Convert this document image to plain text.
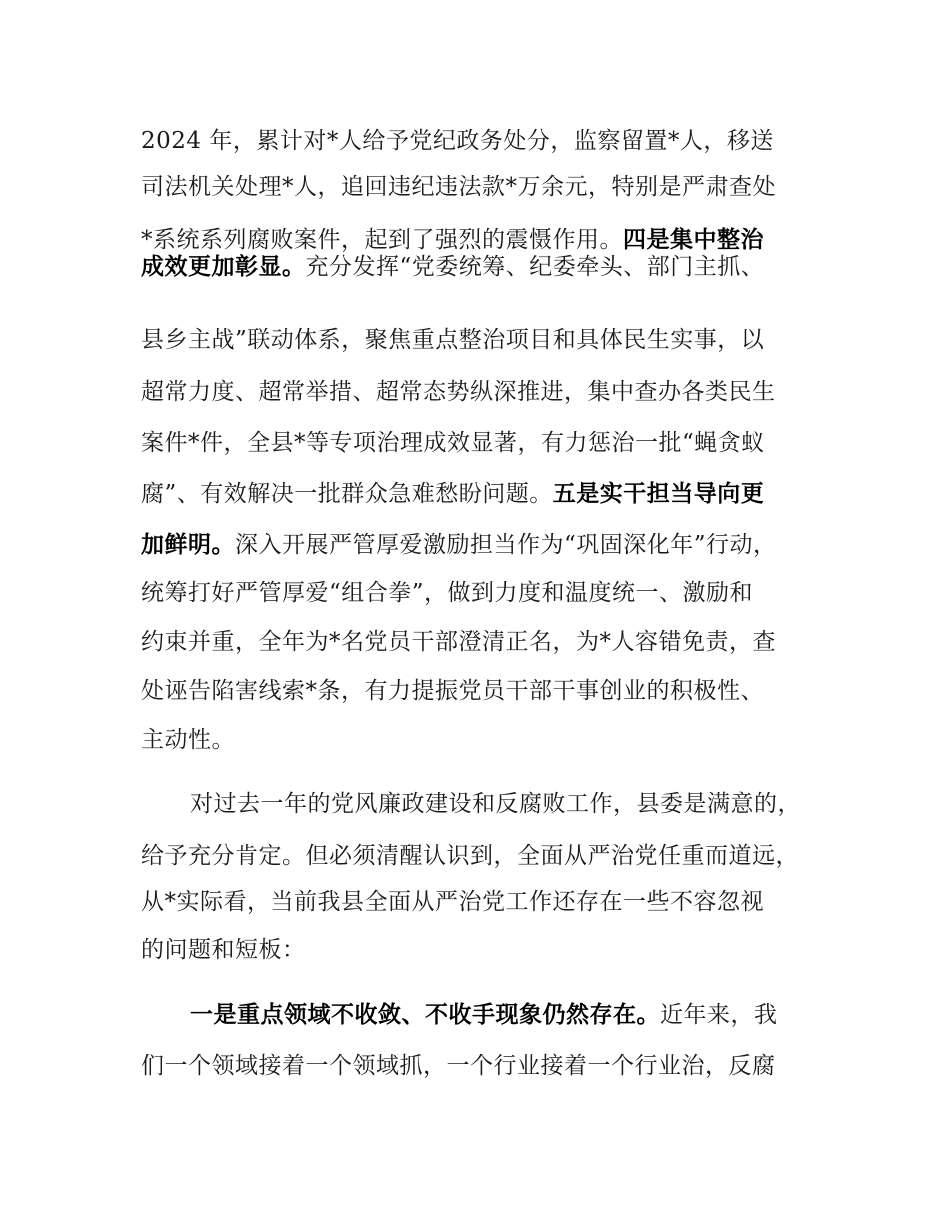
2024 年，累计对*人给予党纪政务处分，监察留置*人，移送
司法机关处理*人，追回违纪违法款*万余元，特别是严肃查处
*系统系列腐败案件，起到了强烈的震慑作用。四是集中整治
成效更加彰显。充分发挥“党委统筹、纪委牵头、部门主抓、
县乡主战”联动体系，聚焦重点整治项目和具体民生实事，以
超常力度、超常举措、超常态势纵深推进，集中查办各类民生
案件*件，全县*等专项治理成效显著，有力惩治一批“蝇贪蚁
腐”、有效解决一批群众急难愁盼问题。五是实干担当导向更
加鲜明。深入开展严管厚爱激励担当作为“巩固深化年”行动，
统筹打好严管厚爱“组合拳”，做到力度和温度统一、激励和
约束并重，全年为*名党员干部澄清正名，为*人容错免责，查
处诬告陷害线索*条，有力提振党员干部干事创业的积极性、
主动性。
对过去一年的党风廉政建设和反腐败工作，县委是满意的，
给予充分肯定。但必须清醒认识到，全面从严治党任重而道远，
从*实际看，当前我县全面从严治党工作还存在一些不容忽视
的问题和短板：
一是重点领域不收敛、不收手现象仍然存在。近年来，我
们一个领域接着一个领域抓，一个行业接着一个行业治，反腐
